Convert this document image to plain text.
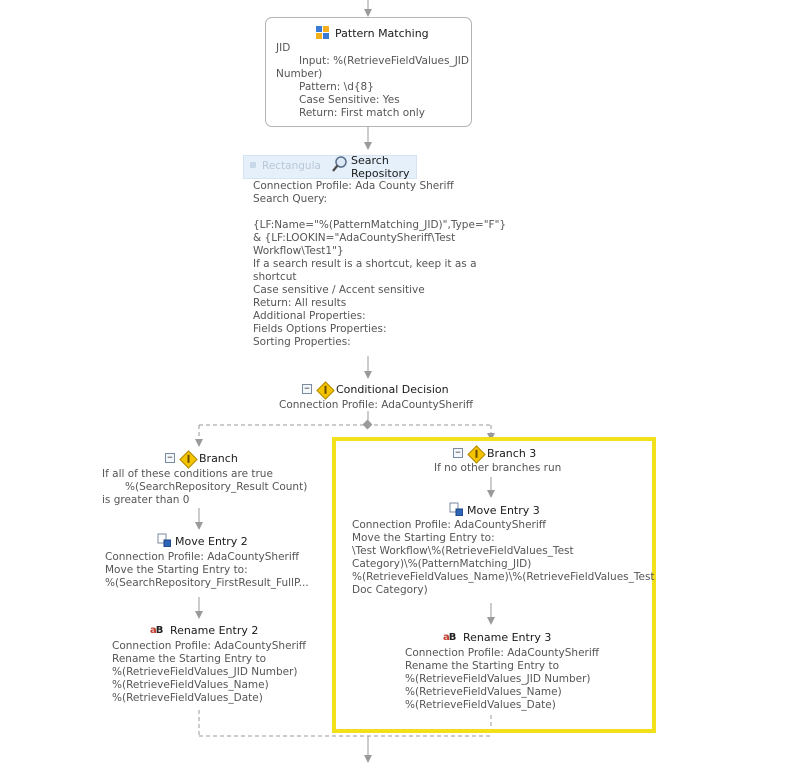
Pattern Matching
JID
Input: %(RetrieveFieldValues_JID
Number)
Pattern: \d{8}
Case Sensitive: Yes
Return: First match only
Rectangula	Search
Repository
Connection Profile: Ada County Sheriff
Search Query:
{LF:Name="%(PatternMatching_JID)",Type="F"}
& {LF:LOOKIN="AdaCountySheriff\Test
Workflow\Test1"}
If a search result is a shortcut, keep it as a
shortcut
Case sensitive / Accent sensitive
Return: All results
Additional Properties:
Fields Options Properties:
Sorting Properties:
− Conditional Decision
Connection Profile: AdaCountySheriff
− Branch
If all of these conditions are true
%(SearchRepository_Result Count)
is greater than 0
Move Entry 2
Connection Profile: AdaCountySheriff
Move the Starting Entry to:
%(SearchRepository_FirstResult_FullP...
aB Rename Entry 2
Connection Profile: AdaCountySheriff
Rename the Starting Entry to
%(RetrieveFieldValues_JID Number)
%(RetrieveFieldValues_Name)
%(RetrieveFieldValues_Date)
− Branch 3
If no other branches run
Move Entry 3
Connection Profile: AdaCountySheriff
Move the Starting Entry to:
\Test Workflow\%(RetrieveFieldValues_Test
Category)\%(PatternMatching_JID)
%(RetrieveFieldValues_Name)\%(RetrieveFieldValues_Test
Doc Category)
aB Rename Entry 3
Connection Profile: AdaCountySheriff
Rename the Starting Entry to
%(RetrieveFieldValues_JID Number)
%(RetrieveFieldValues_Name)
%(RetrieveFieldValues_Date)
